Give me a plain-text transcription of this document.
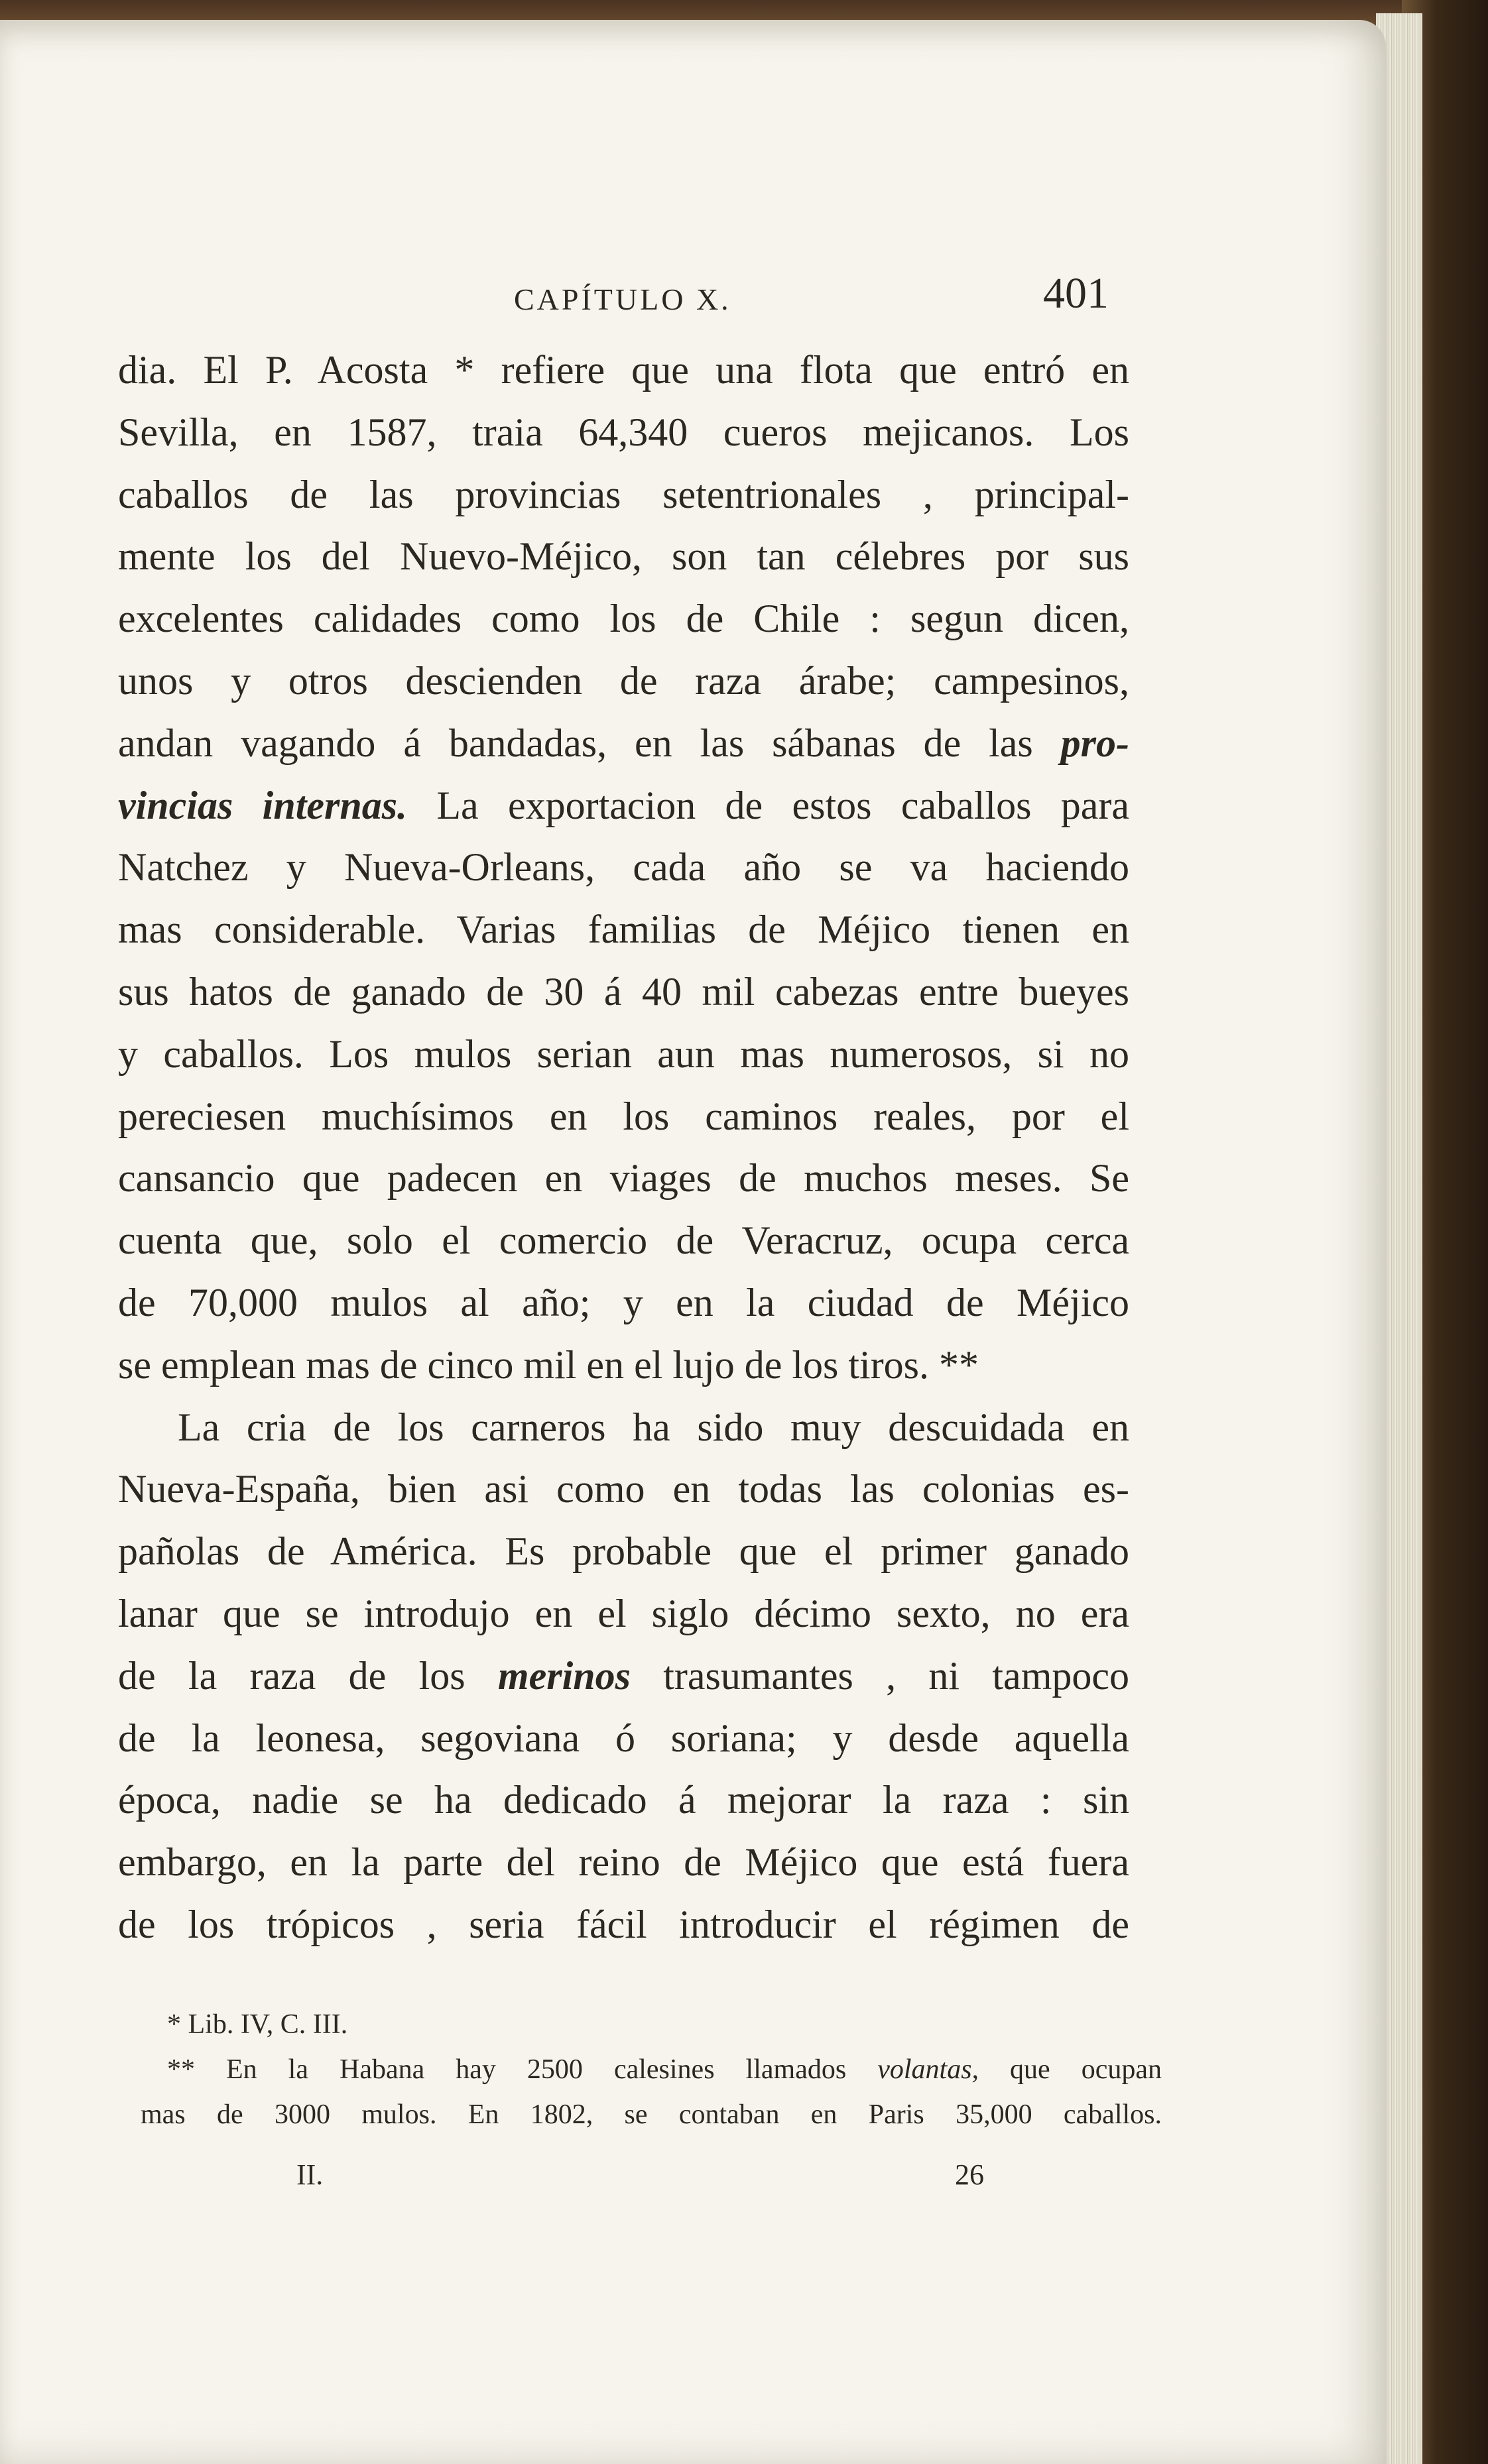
CAPÍTULO X.	401
dia. El P. Acosta * refiere que una flota que entró en
Sevilla, en 1587, traia 64,340 cueros mejicanos. Los
caballos de las provincias setentrionales , principal-
mente los del Nuevo-Méjico, son tan célebres por sus
excelentes calidades como los de Chile : segun dicen,
unos y otros descienden de raza árabe; campesinos,
andan vagando á bandadas, en las sábanas de las pro-
vincias internas. La exportacion de estos caballos para
Natchez y Nueva-Orleans, cada año se va haciendo
mas considerable. Varias familias de Méjico tienen en
sus hatos de ganado de 30 á 40 mil cabezas entre bueyes
y caballos. Los mulos serian aun mas numerosos, si no
pereciesen muchísimos en los caminos reales, por el
cansancio que padecen en viages de muchos meses. Se
cuenta que, solo el comercio de Veracruz, ocupa cerca
de 70,000 mulos al año; y en la ciudad de Méjico
se emplean mas de cinco mil en el lujo de los tiros. **
La cria de los carneros ha sido muy descuidada en
Nueva-España, bien asi como en todas las colonias es-
pañolas de América. Es probable que el primer ganado
lanar que se introdujo en el siglo décimo sexto, no era
de la raza de los merinos trasumantes , ni tampoco
de la leonesa, segoviana ó soriana; y desde aquella
época, nadie se ha dedicado á mejorar la raza : sin
embargo, en la parte del reino de Méjico que está fuera
de los trópicos , seria fácil introducir el régimen de
* Lib. IV, C. III.
** En la Habana hay 2500 calesines llamados volantas, que ocupan
mas de 3000 mulos. En 1802, se contaban en Paris 35,000 caballos.
II.	26
